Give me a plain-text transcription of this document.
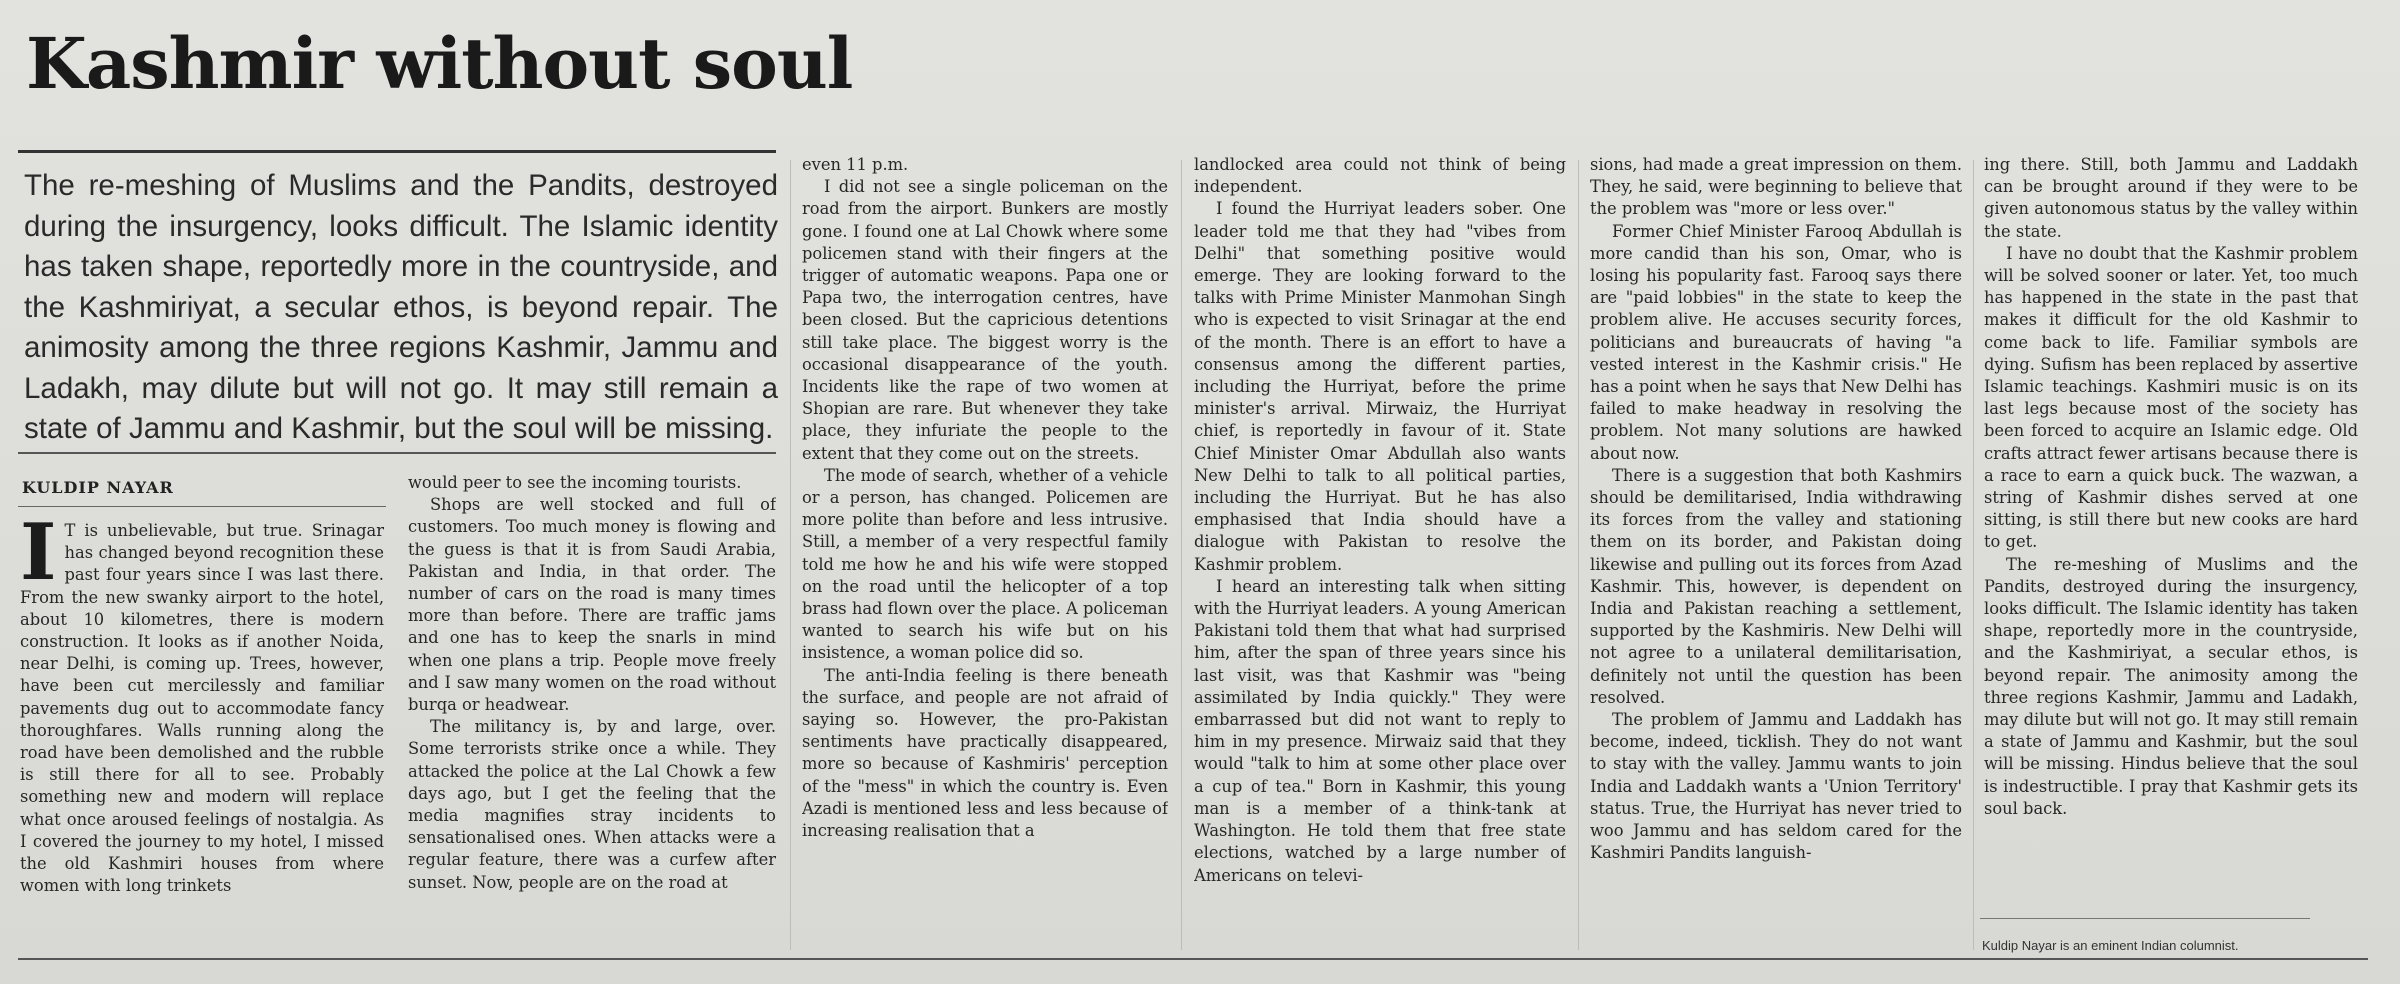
Kashmir without soul
The re-meshing of Muslims and the Pandits, destroyed during the insurgency, looks difficult. The Islamic identity has taken shape, reportedly more in the countryside, and the Kashmiriyat, a secular ethos, is beyond repair. The animosity among the three regions Kashmir, Jammu and Ladakh, may dilute but will not go. It may still remain a state of Jammu and Kashmir, but the soul will be missing.
KULDIP NAYAR

I T is unbelievable, but true. Srinagar has changed beyond recognition these past four years since I was last there. From the new swanky airport to the hotel, about 10 kilometres, there is modern construction. It looks as if another Noida, near Delhi, is coming up. Trees, however, have been cut mercilessly and familiar pavements dug out to accommodate fancy thoroughfares. Walls running along the road have been demolished and the rubble is still there for all to see. Probably something new and modern will replace what once aroused feelings of nostalgia. As I covered the journey to my hotel, I missed the old Kashmiri houses from where women with long trinkets

would peer to see the incoming tourists.

Shops are well stocked and full of customers. Too much money is flowing and the guess is that it is from Saudi Arabia, Pakistan and India, in that order. The number of cars on the road is many times more than before. There are traffic jams and one has to keep the snarls in mind when one plans a trip. People move freely and I saw many women on the road without burqa or headwear.

The militancy is, by and large, over. Some terrorists strike once a while. They attacked the police at the Lal Chowk a few days ago, but I get the feeling that the media magnifies stray incidents to sensationalised ones. When attacks were a regular feature, there was a curfew after sunset. Now, people are on the road at

even 11 p.m.

I did not see a single policeman on the road from the airport. Bunkers are mostly gone. I found one at Lal Chowk where some policemen stand with their fingers at the trigger of automatic weapons. Papa one or Papa two, the interrogation centres, have been closed. But the capricious detentions still take place. The biggest worry is the occasional disappearance of the youth. Incidents like the rape of two women at Shopian are rare. But whenever they take place, they infuriate the people to the extent that they come out on the streets.

The mode of search, whether of a vehicle or a person, has changed. Policemen are more polite than before and less intrusive. Still, a member of a very respectful family told me how he and his wife were stopped on the road until the helicopter of a top brass had flown over the place. A policeman wanted to search his wife but on his insistence, a woman police did so.

The anti-India feeling is there beneath the surface, and people are not afraid of saying so. However, the pro-Pakistan sentiments have practically disappeared, more so because of Kashmiris' perception of the "mess" in which the country is. Even Azadi is mentioned less and less because of increasing realisation that a

landlocked area could not think of being independent.

I found the Hurriyat leaders sober. One leader told me that they had "vibes from Delhi" that something positive would emerge. They are looking forward to the talks with Prime Minister Manmohan Singh who is expected to visit Srinagar at the end of the month. There is an effort to have a consensus among the different parties, including the Hurriyat, before the prime minister's arrival. Mirwaiz, the Hurriyat chief, is reportedly in favour of it. State Chief Minister Omar Abdullah also wants New Delhi to talk to all political parties, including the Hurriyat. But he has also emphasised that India should have a dialogue with Pakistan to resolve the Kashmir problem.

I heard an interesting talk when sitting with the Hurriyat leaders. A young American Pakistani told them that what had surprised him, after the span of three years since his last visit, was that Kashmir was "being assimilated by India quickly." They were embarrassed but did not want to reply to him in my presence. Mirwaiz said that they would "talk to him at some other place over a cup of tea." Born in Kashmir, this young man is a member of a think-tank at Washington. He told them that free state elections, watched by a large number of Americans on televi-

sions, had made a great impression on them. They, he said, were beginning to believe that the problem was "more or less over."

Former Chief Minister Farooq Abdullah is more candid than his son, Omar, who is losing his popularity fast. Farooq says there are "paid lobbies" in the state to keep the problem alive. He accuses security forces, politicians and bureaucrats of having "a vested interest in the Kashmir crisis." He has a point when he says that New Delhi has failed to make headway in resolving the problem. Not many solutions are hawked about now.

There is a suggestion that both Kashmirs should be demilitarised, India withdrawing its forces from the valley and stationing them on its border, and Pakistan doing likewise and pulling out its forces from Azad Kashmir. This, however, is dependent on India and Pakistan reaching a settlement, supported by the Kashmiris. New Delhi will not agree to a unilateral demilitarisation, definitely not until the question has been resolved.

The problem of Jammu and Laddakh has become, indeed, ticklish. They do not want to stay with the valley. Jammu wants to join India and Laddakh wants a 'Union Territory' status. True, the Hurriyat has never tried to woo Jammu and has seldom cared for the Kashmiri Pandits languish-

ing there. Still, both Jammu and Laddakh can be brought around if they were to be given autonomous status by the valley within the state.

I have no doubt that the Kashmir problem will be solved sooner or later. Yet, too much has happened in the state in the past that makes it difficult for the old Kashmir to come back to life. Familiar symbols are dying. Sufism has been replaced by assertive Islamic teachings. Kashmiri music is on its last legs because most of the society has been forced to acquire an Islamic edge. Old crafts attract fewer artisans because there is a race to earn a quick buck. The wazwan, a string of Kashmir dishes served at one sitting, is still there but new cooks are hard to get.

The re-meshing of Muslims and the Pandits, destroyed during the insurgency, looks difficult. The Islamic identity has taken shape, reportedly more in the countryside, and the Kashmiriyat, a secular ethos, is beyond repair. The animosity among the three regions Kashmir, Jammu and Ladakh, may dilute but will not go. It may still remain a state of Jammu and Kashmir, but the soul will be missing. Hindus believe that the soul is indestructible. I pray that Kashmir gets its soul back.

Kuldip Nayar is an eminent Indian columnist.
